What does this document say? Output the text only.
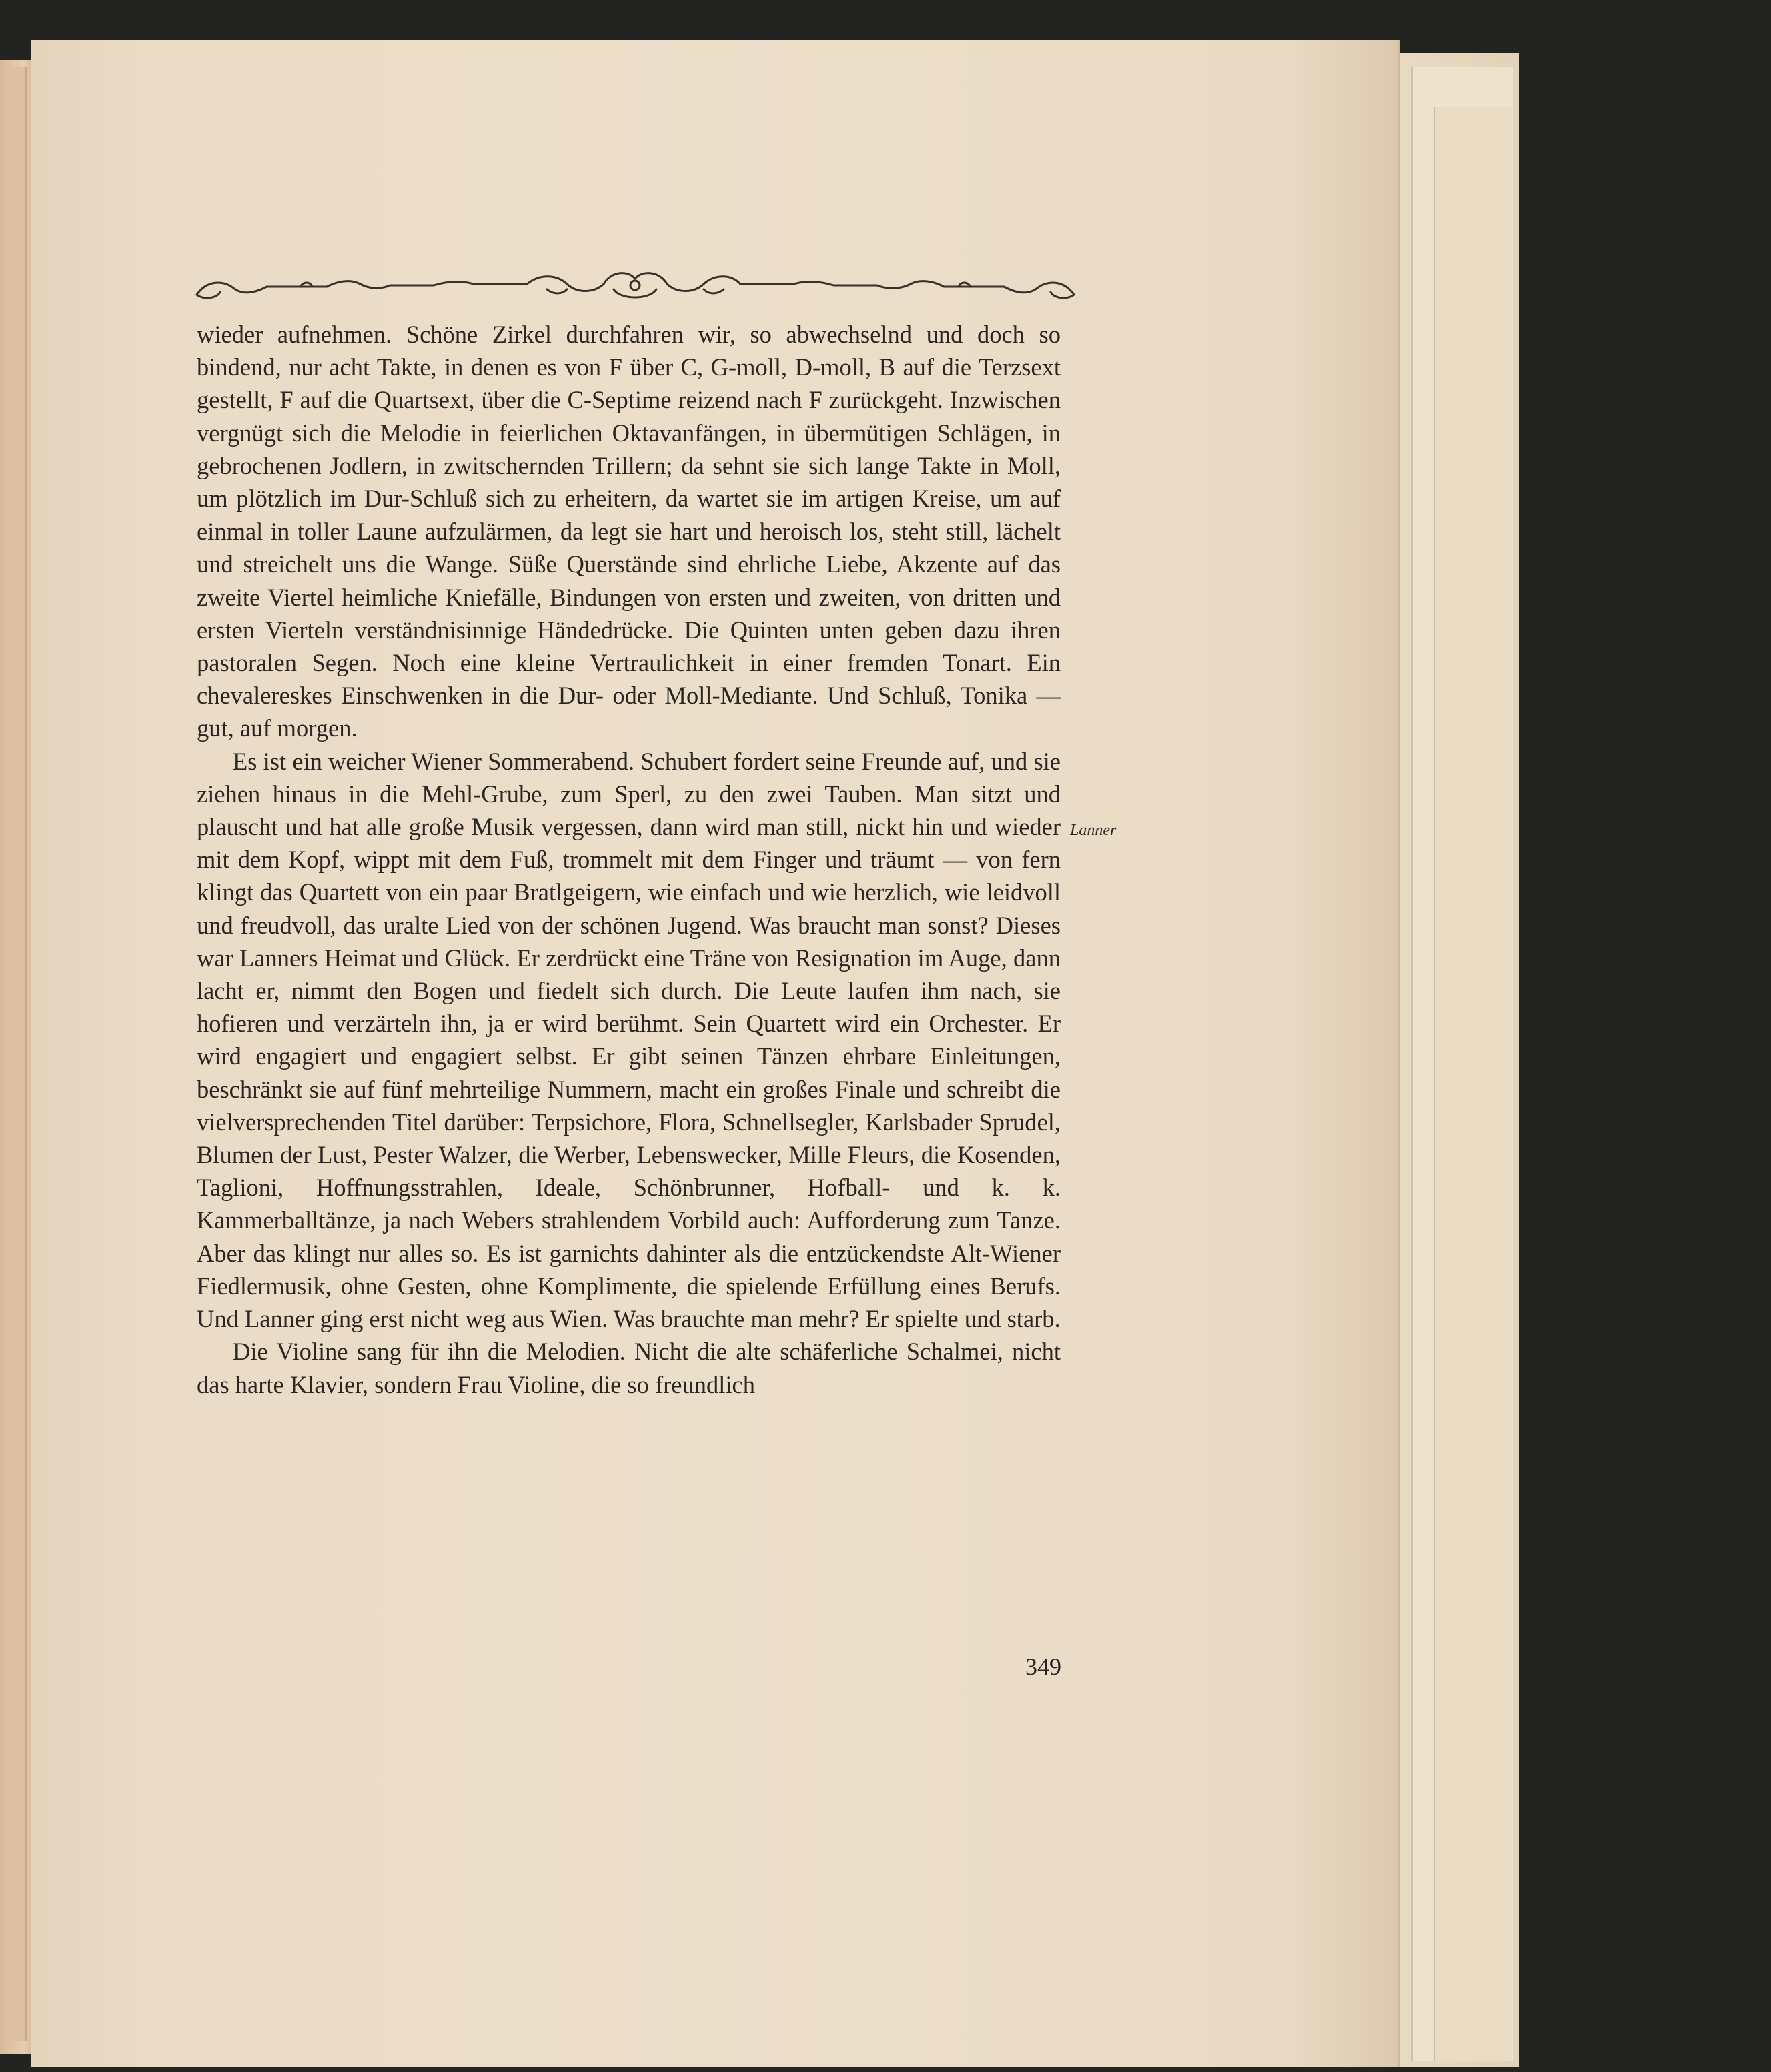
wieder aufnehmen. Schöne Zirkel durchfahren wir, so abwechselnd und doch so bindend, nur acht Takte, in denen es von F über C, G-moll, D-moll, B auf die Terzsext gestellt, F auf die Quartsext, über die C-Septime reizend nach F zurückgeht. Inzwischen vergnügt sich die Melodie in feierlichen Oktavanfängen, in übermütigen Schlägen, in gebrochenen Jodlern, in zwitschernden Trillern; da sehnt sie sich lange Takte in Moll, um plötzlich im Dur-Schluß sich zu erheitern, da wartet sie im artigen Kreise, um auf einmal in toller Laune aufzulärmen, da legt sie hart und heroisch los, steht still, lächelt und streichelt uns die Wange. Süße Querstände sind ehrliche Liebe, Akzente auf das zweite Viertel heimliche Kniefälle, Bindungen von ersten und zweiten, von dritten und ersten Vierteln verständnisinnige Händedrücke. Die Quinten unten geben dazu ihren pastoralen Segen. Noch eine kleine Vertraulichkeit in einer fremden Tonart. Ein chevalereskes Einschwenken in die Dur- oder Moll-Mediante. Und Schluß, Tonika — gut, auf morgen.

Es ist ein weicher Wiener Sommerabend. Schubert fordert seine Freunde auf, und sie ziehen hinaus in die Mehl-Grube, zum Sperl, zu den zwei Tauben. Man sitzt und plauscht und hat alle große Musik vergessen, dann wird man still, nickt hin und wieder mit dem Kopf, wippt mit dem Fuß, trommelt mit dem Finger und träumt — von fern klingt das Quartett von ein paar Bratlgeigern, wie einfach und wie herzlich, wie leidvoll und freudvoll, das uralte Lied von der schönen Jugend. Was braucht man sonst? Dieses war Lanners Heimat und Glück. Er zerdrückt eine Träne von Resignation im Auge, dann lacht er, nimmt den Bogen und fiedelt sich durch. Die Leute laufen ihm nach, sie hofieren und verzärteln ihn, ja er wird berühmt. Sein Quartett wird ein Orchester. Er wird engagiert und engagiert selbst. Er gibt seinen Tänzen ehrbare Einleitungen, beschränkt sie auf fünf mehrteilige Nummern, macht ein großes Finale und schreibt die vielversprechenden Titel darüber: Terpsichore, Flora, Schnellsegler, Karlsbader Sprudel, Blumen der Lust, Pester Walzer, die Werber, Lebenswecker, Mille Fleurs, die Kosenden, Taglioni, Hoffnungsstrahlen, Ideale, Schönbrunner, Hofball- und k. k. Kammerballtänze, ja nach Webers strahlendem Vorbild auch: Aufforderung zum Tanze. Aber das klingt nur alles so. Es ist garnichts dahinter als die entzückendste Alt-Wiener Fiedlermusik, ohne Gesten, ohne Komplimente, die spielende Erfüllung eines Berufs. Und Lanner ging erst nicht weg aus Wien. Was brauchte man mehr? Er spielte und starb.

Die Violine sang für ihn die Melodien. Nicht die alte schäferliche Schalmei, nicht das harte Klavier, sondern Frau Violine, die so freundlich

Lanner
349
